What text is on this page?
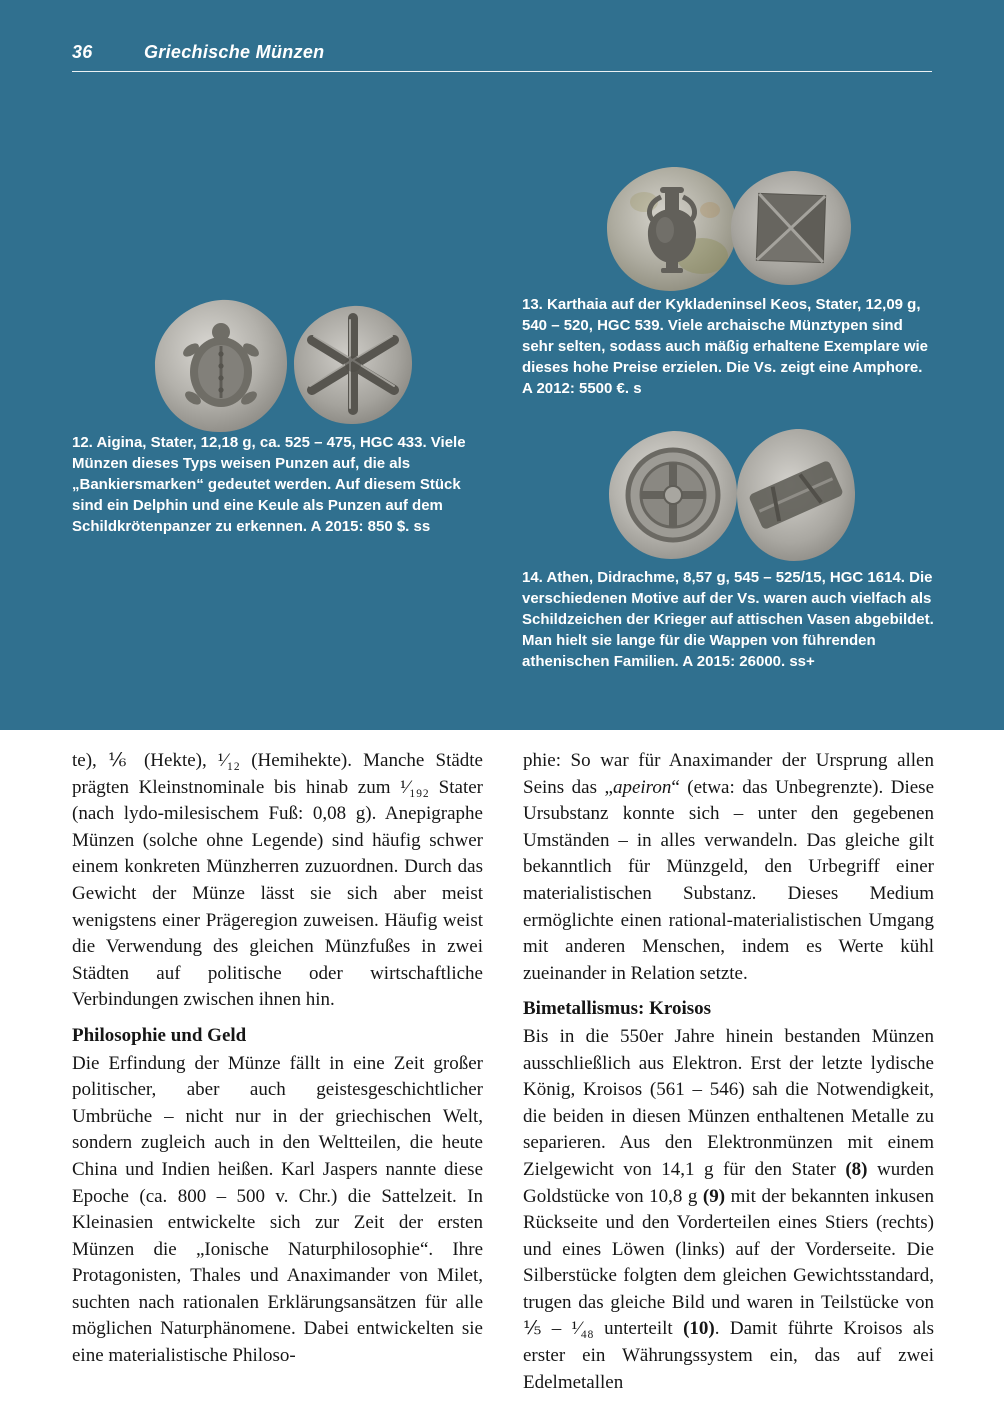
36	Griechische Münzen
12. Aigina, Stater, 12,18 g, ca. 525 – 475, HGC 433. Viele Münzen dieses Typs weisen Punzen auf, die als „Bankiersmarken“ gedeutet werden. Auf diesem Stück sind ein Delphin und eine Keule als Punzen auf dem Schildkrötenpanzer zu erkennen. A 2015: 850 $. ss
13. Karthaia auf der Kykladeninsel Keos, Stater, 12,09 g, 540 – 520, HGC 539. Viele archaische Münztypen sind sehr selten, sodass auch mäßig erhaltene Exemplare wie dieses hohe Preise erzielen. Die Vs. zeigt eine Amphore. A 2012: 5500 €. s
14. Athen, Didrachme, 8,57 g, 545 – 525/15, HGC 1614. Die verschiedenen Motive auf der Vs. waren auch vielfach als Schildzeichen der Krieger auf attischen Vasen abgebildet. Man hielt sie lange für die Wappen von führenden athenischen Familien. A 2015: 26000. ss+

te), ⅙ (Hekte), ¹⁄₁₂ (Hemihekte). Manche Städte prägten Kleinstnominale bis hinab zum ¹⁄₁₉₂ Stater (nach lydo-milesischem Fuß: 0,08 g). Anepigraphe Münzen (solche ohne Legende) sind häufig schwer einem konkreten Münzherren zuzuordnen. Durch das Gewicht der Münze lässt sie sich aber meist wenigstens einer Prägeregion zuweisen. Häufig weist die Verwendung des gleichen Münzfußes in zwei Städten auf politische oder wirtschaftliche Verbindungen zwischen ihnen hin.

Philosophie und Geld

Die Erfindung der Münze fällt in eine Zeit großer politischer, aber auch geistesgeschichtlicher Umbrüche – nicht nur in der griechischen Welt, sondern zugleich auch in den Weltteilen, die heute China und Indien heißen. Karl Jaspers nannte diese Epoche (ca. 800 – 500 v. Chr.) die Sattelzeit. In Kleinasien entwickelte sich zur Zeit der ersten Münzen die „Ionische Naturphilosophie“. Ihre Protagonisten, Thales und Anaximander von Milet, suchten nach rationalen Erklärungsansätzen für alle möglichen Naturphänomene. Dabei entwickelten sie eine materialistische Philoso-

phie: So war für Anaximander der Ursprung allen Seins das „apeiron“ (etwa: das Unbegrenzte). Diese Ursubstanz konnte sich – unter den gegebenen Umständen – in alles verwandeln. Das gleiche gilt bekanntlich für Münzgeld, den Urbegriff einer materialistischen Substanz. Dieses Medium ermöglichte einen rational-materialistischen Umgang mit anderen Menschen, indem es Werte kühl zueinander in Relation setzte.

Bimetallismus: Kroisos

Bis in die 550er Jahre hinein bestanden Münzen ausschließlich aus Elektron. Erst der letzte lydische König, Kroisos (561 – 546) sah die Notwendigkeit, die beiden in diesen Münzen enthaltenen Metalle zu separieren. Aus den Elektronmünzen mit einem Zielgewicht von 14,1 g für den Stater (8) wurden Goldstücke von 10,8 g (9) mit der bekannten inkusen Rückseite und den Vorderteilen eines Stiers (rechts) und eines Löwen (links) auf der Vorderseite. Die Silberstücke folgten dem gleichen Gewichtsstandard, trugen das gleiche Bild und waren in Teilstücke von ⅕ – ¹⁄₄₈ unterteilt (10). Damit führte Kroisos als erster ein Währungssystem ein, das auf zwei Edelmetallen
